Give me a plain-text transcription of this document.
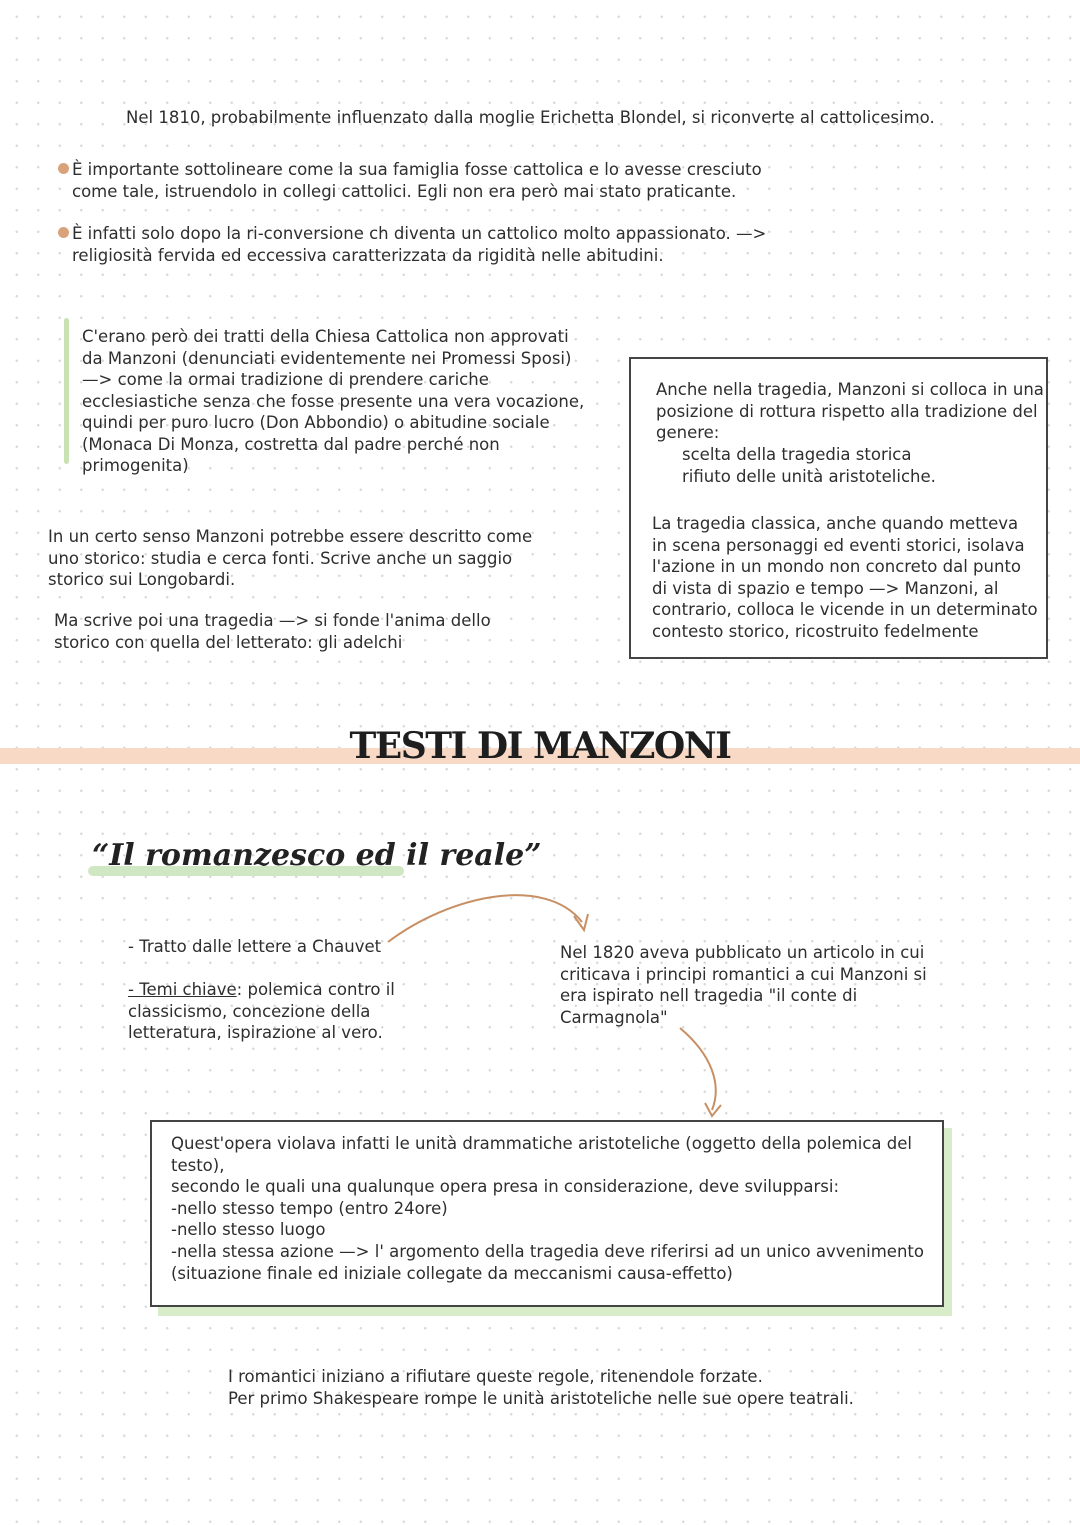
Nel 1810, probabilmente influenzato dalla moglie Erichetta Blondel, si riconverte al cattolicesimo.
È importante sottolineare come la sua famiglia fosse cattolica e lo avesse cresciuto
come tale, istruendolo in collegi cattolici. Egli non era però mai stato praticante.
È infatti solo dopo la ri-conversione ch diventa un cattolico molto appassionato. —>
religiosità fervida ed eccessiva caratterizzata da rigidità nelle abitudini.
C'erano però dei tratti della Chiesa Cattolica non approvati
da Manzoni (denunciati evidentemente nei Promessi Sposi)
—> come la ormai tradizione di prendere cariche
ecclesiastiche senza che fosse presente una vera vocazione,
quindi per puro lucro (Don Abbondio) o abitudine sociale
(Monaca Di Monza, costretta dal padre perché non
primogenita)
Anche nella tragedia, Manzoni si colloca in una
posizione di rottura rispetto alla tradizione del
genere:
scelta della tragedia storica
rifiuto delle unità aristoteliche.
La tragedia classica, anche quando metteva
in scena personaggi ed eventi storici, isolava
l'azione in un mondo non concreto dal punto
di vista di spazio e tempo —> Manzoni, al
contrario, colloca le vicende in un determinato
contesto storico, ricostruito fedelmente
In un certo senso Manzoni potrebbe essere descritto come
uno storico: studia e cerca fonti. Scrive anche un saggio
storico sui Longobardi.
Ma scrive poi una tragedia —> si fonde l'anima dello
storico con quella del letterato: gli adelchi
TESTI DI MANZONI
“Il romanzesco ed il reale”
- Tratto dalle lettere a Chauvet
- Temi chiave: polemica contro il
classicismo, concezione della
letteratura, ispirazione al vero.
Nel 1820 aveva pubblicato un articolo in cui
criticava i principi romantici a cui Manzoni si
era ispirato nell tragedia "il conte di
Carmagnola"
Quest'opera violava infatti le unità drammatiche aristoteliche (oggetto della polemica del testo),
secondo le quali una qualunque opera presa in considerazione, deve svilupparsi:
-nello stesso tempo (entro 24ore)
-nello stesso luogo
-nella stessa azione —> l' argomento della tragedia deve riferirsi ad un unico avvenimento
(situazione finale ed iniziale collegate da meccanismi causa-effetto)
I romantici iniziano a rifiutare queste regole, ritenendole forzate.
Per primo Shakespeare rompe le unità aristoteliche nelle sue opere teatrali.
